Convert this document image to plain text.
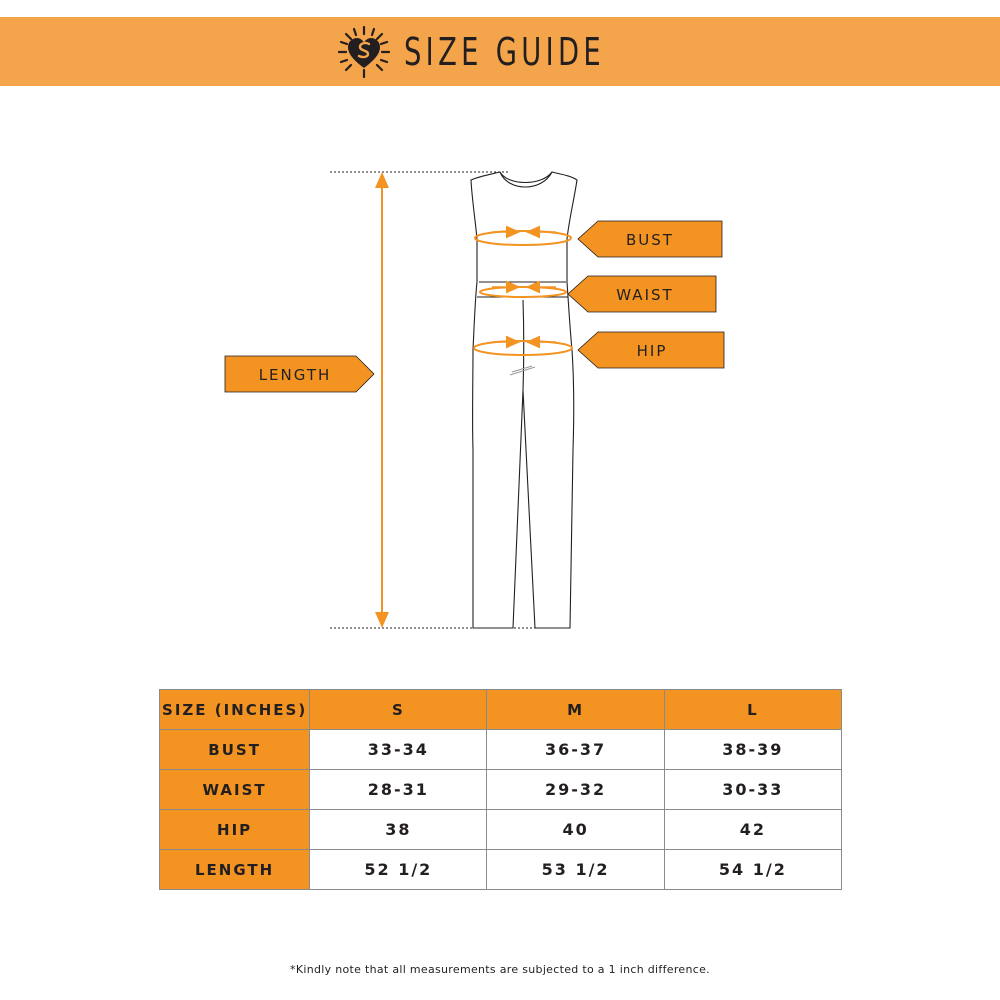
SIZE GUIDE
BUST
WAIST
HIP
LENGTH
SIZE (INCHES)	S	M	L
BUST	33-34	36-37	38-39
WAIST	28-31	29-32	30-33
HIP	38	40	42
LENGTH	52 1/2	53 1/2	54 1/2
*Kindly note that all measurements are subjected to a 1 inch difference.
